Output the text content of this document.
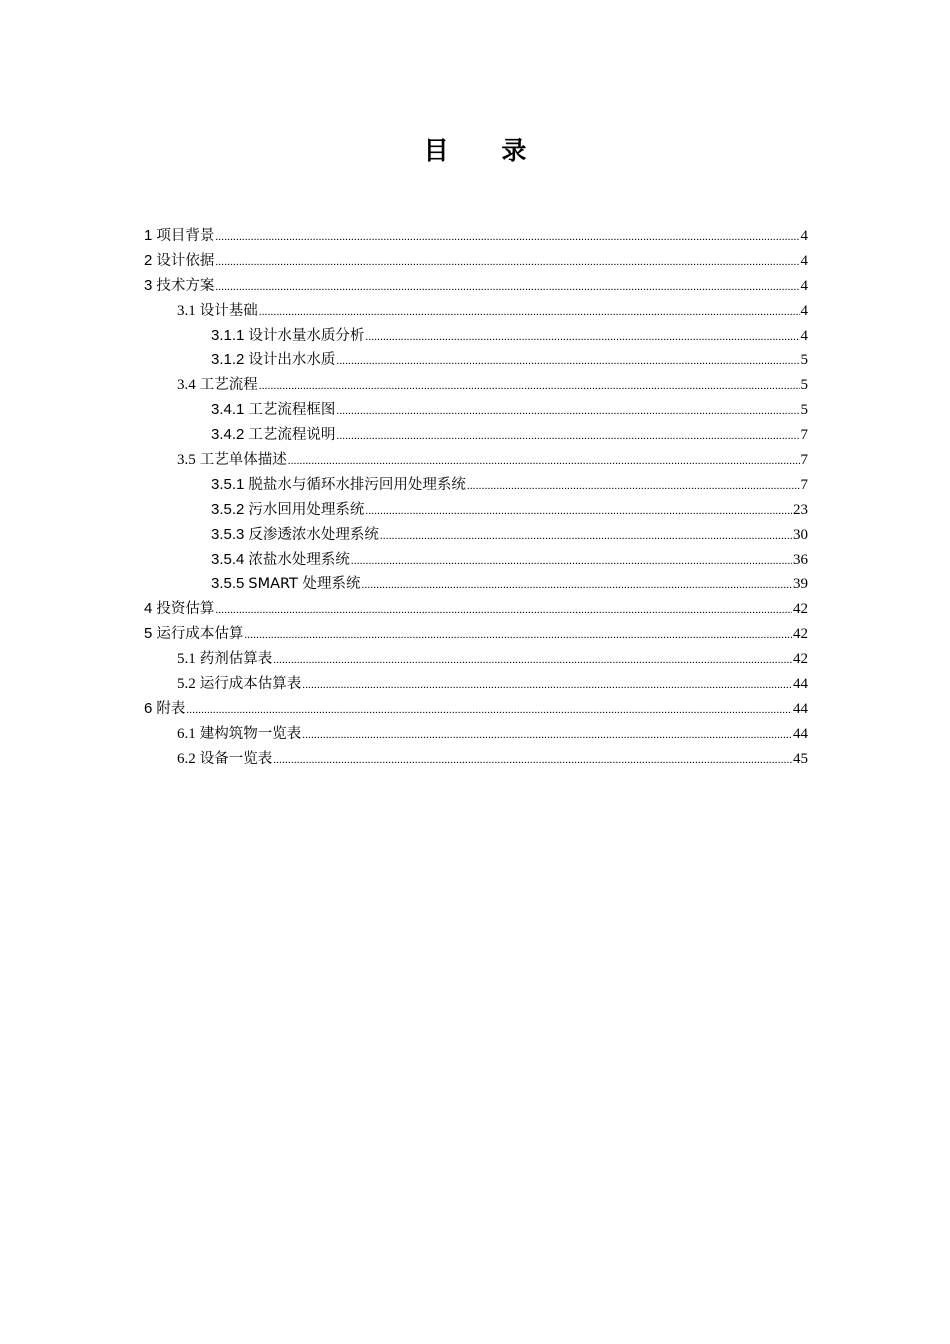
目 录
1 项目背景 .....	4
2 设计依据 .....	4
3 技术方案 .....	4
3.1 设计基础 .....	4
3.1.1 设计水量水质分析 .....	4
3.1.2 设计出水水质 .....	5
3.4 工艺流程 .....	5
3.4.1 工艺流程框图 .....	5
3.4.2 工艺流程说明 .....	7
3.5 工艺单体描述 .....	7
3.5.1 脱盐水与循环水排污回用处理系统 .....	7
3.5.2 污水回用处理系统 .....	23
3.5.3 反渗透浓水处理系统 .....	30
3.5.4 浓盐水处理系统 .....	36
3.5.5 SMART 处理系统 .....	39
4 投资估算 .....	42
5 运行成本估算 .....	42
5.1 药剂估算表 .....	42
5.2 运行成本估算表 .....	44
6 附表 .....	44
6.1 建构筑物一览表 .....	44
6.2 设备一览表 .....	45
